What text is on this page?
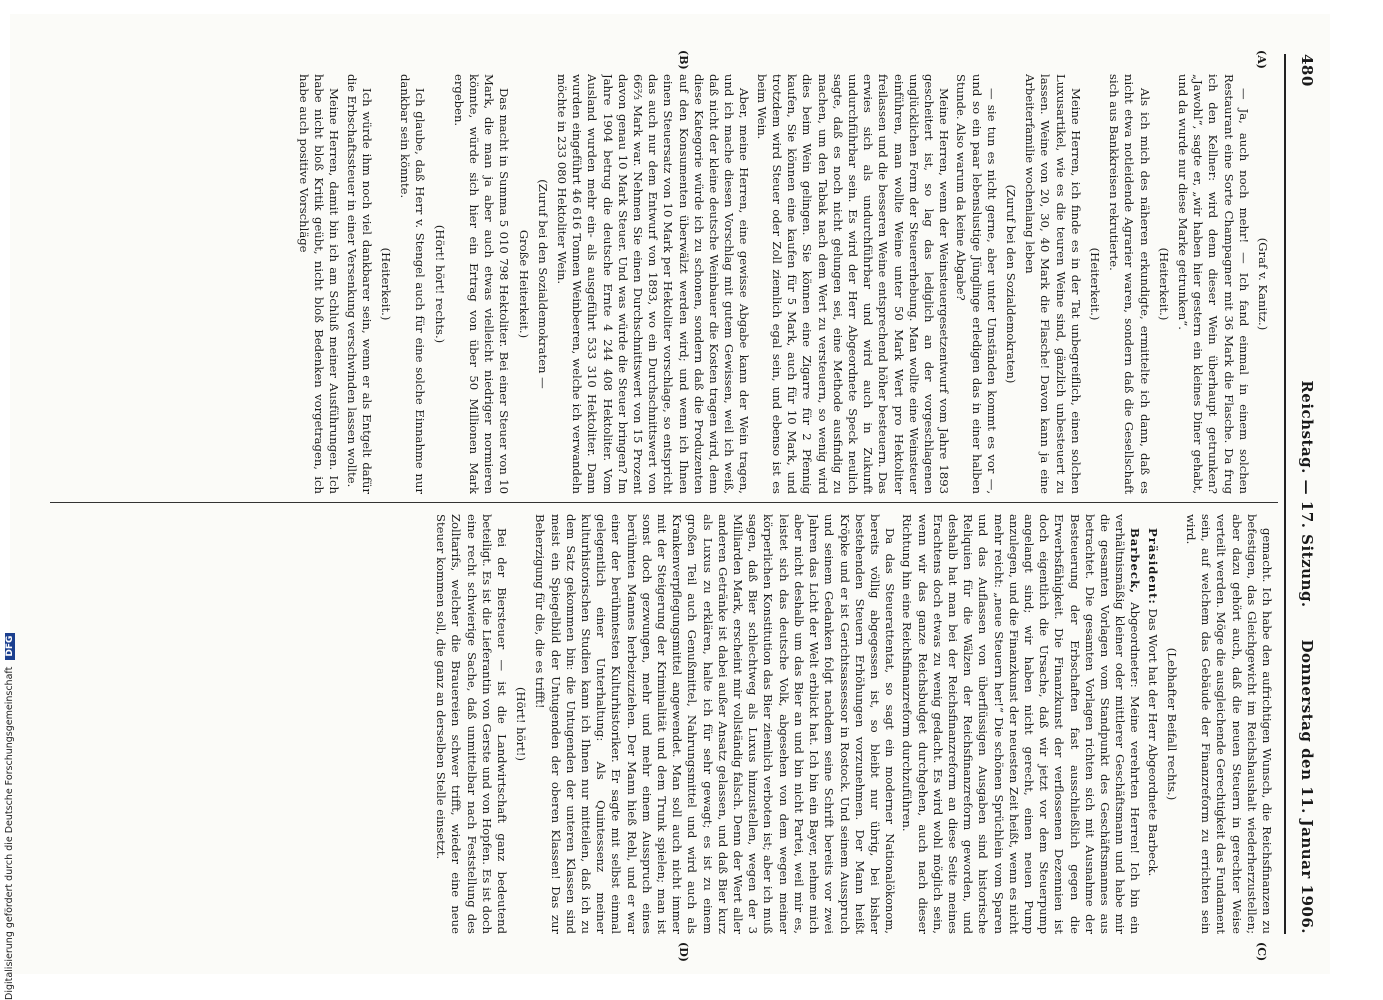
480
Reichstag. — 17. Sitzung.
Donnerstag den 11. Januar 1906.
(A)
(B)
(C)
(D)

(Graf v. Kanitz.)

— Ja, auch noch mehr! — Ich fand einmal in einem solchen Restaurant eine Sorte Champagner mit 36 Mark die Flasche. Da frug ich den Kellner: wird denn dieser Wein überhaupt getrunken? „Jawohl“, sagte er, „wir haben hier gestern ein kleines Diner gehabt, und da wurde nur diese Marke getrunken“.

(Heiterkeit.)

Als ich mich des näheren erkundigte, ermittelte ich dann, daß es nicht etwa notleidende Agrarier waren, sondern daß die Gesellschaft sich aus Bankkreisen rekrutierte.

(Heiterkeit.)

Meine Herren, ich finde es in der Tat unbegreiflich, einen solchen Luxusartikel, wie es die teuren Weine sind, gänzlich unbesteuert zu lassen. Weine von 20, 30, 40 Mark die Flasche! Davon kann ja eine Arbeiterfamilie wochenlang leben

(Zuruf bei den Sozialdemokraten)

— sie tun es nicht gerne, aber unter Umständen kommt es vor —, und so ein paar lebenslustige Jünglinge erledigen das in einer halben Stunde. Also warum da keine Abgabe?

Meine Herren, wenn der Weinsteuergesetzentwurf vom Jahre 1893 gescheitert ist, so lag das lediglich an der vorgeschlagenen unglücklichen Form der Steuererhebung. Man wollte eine Weinsteuer einführen, man wollte Weine unter 50 Mark Wert pro Hektoliter freilassen und die besseren Weine entsprechend höher besteuern. Das erwies sich als undurchführbar und wird auch in Zukunft undurchführbar sein. Es wird der Herr Abgeordnete Speck neulich sagte, daß es noch nicht gelungen sei, eine Methode ausfindig zu machen, um den Tabak nach dem Wert zu versteuern, so wenig wird dies beim Wein gelingen. Sie können eine Zigarre für 2 Pfennig kaufen, Sie können eine kaufen für 5 Mark, auch für 10 Mark, und trotzdem wird Steuer oder Zoll ziemlich egal sein, und ebenso ist es beim Wein.

Aber, meine Herren, eine gewisse Abgabe kann der Wein tragen, und ich mache diesen Vorschlag mit gutem Gewissen, weil ich weiß, daß nicht der kleine deutsche Weinbauer die Kosten tragen wird, denn diese Kategorie würde ich zu schonen, sondern daß die Produzenten auf den Konsumenten überwälzt werden wird; und wenn ich Ihnen einen Steuersatz von 10 Mark per Hektoliter vorschlage, so entspricht das auch nur dem Entwurf von 1893, wo ein Durchschnittswert von 66⅔ Mark war. Nehmen Sie einen Durchschnittswert von 15 Prozent davon genau 10 Mark Steuer. Und was würde die Steuer bringen? Im Jahre 1904 betrug die deutsche Ernte 4 244 408 Hektoliter. Vom Ausland wurden mehr ein- als ausgeführt 533 310 Hektoliter. Dann wurden eingeführt 46 616 Tonnen Weinbeeren, welche ich verwandeln möchte in 233 080 Hektoliter Wein.

(Zuruf bei den Sozialdemokraten —

Große Heiterkeit.)

Das macht in Summa 5 010 798 Hektoliter. Bei einer Steuer von 10 Mark, die man ja aber auch etwas vielleicht niedriger normieren könnte, würde sich hier ein Ertrag von über 50 Millionen Mark ergeben.

(Hört! hört! rechts.)

Ich glaube, daß Herr v. Stengel auch für eine solche Einnahme nur dankbar sein könnte.

(Heiterkeit.)

Ich würde ihm noch viel dankbarer sein, wenn er als Entgelt dafür die Erbschaftssteuer in einer Versenkung verschwinden lassen wollte.

Meine Herren, damit bin ich am Schluß meiner Ausführungen. Ich habe nicht bloß Kritik geübt, nicht bloß Bedenken vorgetragen, ich habe auch positive Vorschläge

gemacht. Ich habe den aufrichtigen Wunsch, die Reichsfinanzen zu befestigen, das Gleichgewicht im Reichshaushalt wiederherzustellen; aber dazu gehört auch, daß die neuen Steuern in gerechter Weise verteilt werden. Möge die ausgleichende Gerechtigkeit das Fundament sein, auf welchem das Gebäude der Finanzreform zu errichten sein wird.

(Lebhafter Beifall rechts.)

Präsident: Das Wort hat der Herr Abgeordnete Barbeck.

Barbeck, Abgeordneter: Meine verehrten Herren! Ich bin ein verhältnismäßig kleiner oder mittlerer Geschäftsmann und habe mir die gesamten Vorlagen vom Standpunkt des Geschäftsmannes aus betrachtet. Die gesamten Vorlagen richten sich mit Ausnahme der Besteuerung der Erbschaften fast ausschließlich gegen die Erwerbsfähigkeit. Die Finanzkunst der verflossenen Dezennien ist doch eigentlich die Ursache, daß wir jetzt vor dem Steuerpump angelangt sind; wir haben nicht gerecht, einen neuen Pump anzulegen, und die Finanzkunst der neuesten Zeit heißt, wenn es nicht mehr reicht: „neue Steuern her!“ Die schönen Sprüchlein vom Sparen und das Auflassen von überflüssigen Ausgaben sind historische Reliquien für die Wälzen der Reichsfinanzreform geworden, und deshalb hat man bei der Reichsfinanzreform an diese Seite meines Erachtens doch etwas zu wenig gedacht. Es wird wohl möglich sein, wenn wir das ganze Reichsbudget durchgehen, auch nach dieser Richtung hin eine Reichsfinanzreform durchzuführen.

Da das Steuerattentat, so sagt ein moderner Nationalökonom, bereits völlig abgegessen ist, so bleibt nur übrig, bei bisher bestehenden Steuern Erhöhungen vorzunehmen. Der Mann heißt Kröpke und er ist Gerichtsassessor in Rostock. Und seinem Ausspruch und seinem Gedanken folgt nachdem seine Schrift bereits vor zwei Jahren das Licht der Welt erblickt hat. Ich bin ein Bayer, nehme mich aber nicht deshalb um das Bier an und bin nicht Partei, weil mir es, leistet sich das deutsche Volk, abgesehen von dem wegen meiner körperlichen Konstitution das Bier ziemlich verboten ist; aber ich muß sagen, daß Bier schlechtweg als Luxus hinzustellen, wegen der 3 Milliarden Mark, erscheint mir vollständig falsch. Denn der Wert aller anderen Getränke ist dabei außer Ansatz gelassen, und daß Bier kurz als Luxus zu erklären, halte ich für sehr gewagt; es ist zu einem großen Teil auch Genußmittel, Nahrungsmittel und wird auch als Krankenverpflegungsmittel angewendet. Man soll auch nicht immer mit der Steigerung der Kriminalität und dem Trunk spielen; man ist sonst doch gezwungen, mehr und mehr einem Ausspruch eines berühmten Mannes herbeizuziehen. Der Mann hieß Rehl, und er war einer der berühmtesten Kulturhistoriker. Er sagte mit selbst einmal gelegentlich einer Unterhaltung: Als Quintessenz meiner kulturhistorischen Studien kann ich Ihnen nur mitteilen, daß ich zu dem Satz gekommen bin: die Untugenden der unteren Klassen sind meist ein Spiegelbild der Untugenden der oberen Klassen! Das zur Beherzigung für die, die es trifft!

(Hört! hört!)

Bei der Biersteuer — ist die Landwirtschaft ganz bedeutend beteiligt. Es ist die Lieferantin von Gerste und von Hopfen. Es ist doch eine recht schwierige Sache, daß unmittelbar nach Feststellung des Zolltarifs, welcher die Brauereien schwer trifft, wieder eine neue Steuer kommen soll, die ganz an derselben Stelle einsetzt.

Digitalisierung gefördert durch die Deutsche Forschungsgemeinschaft DFG
